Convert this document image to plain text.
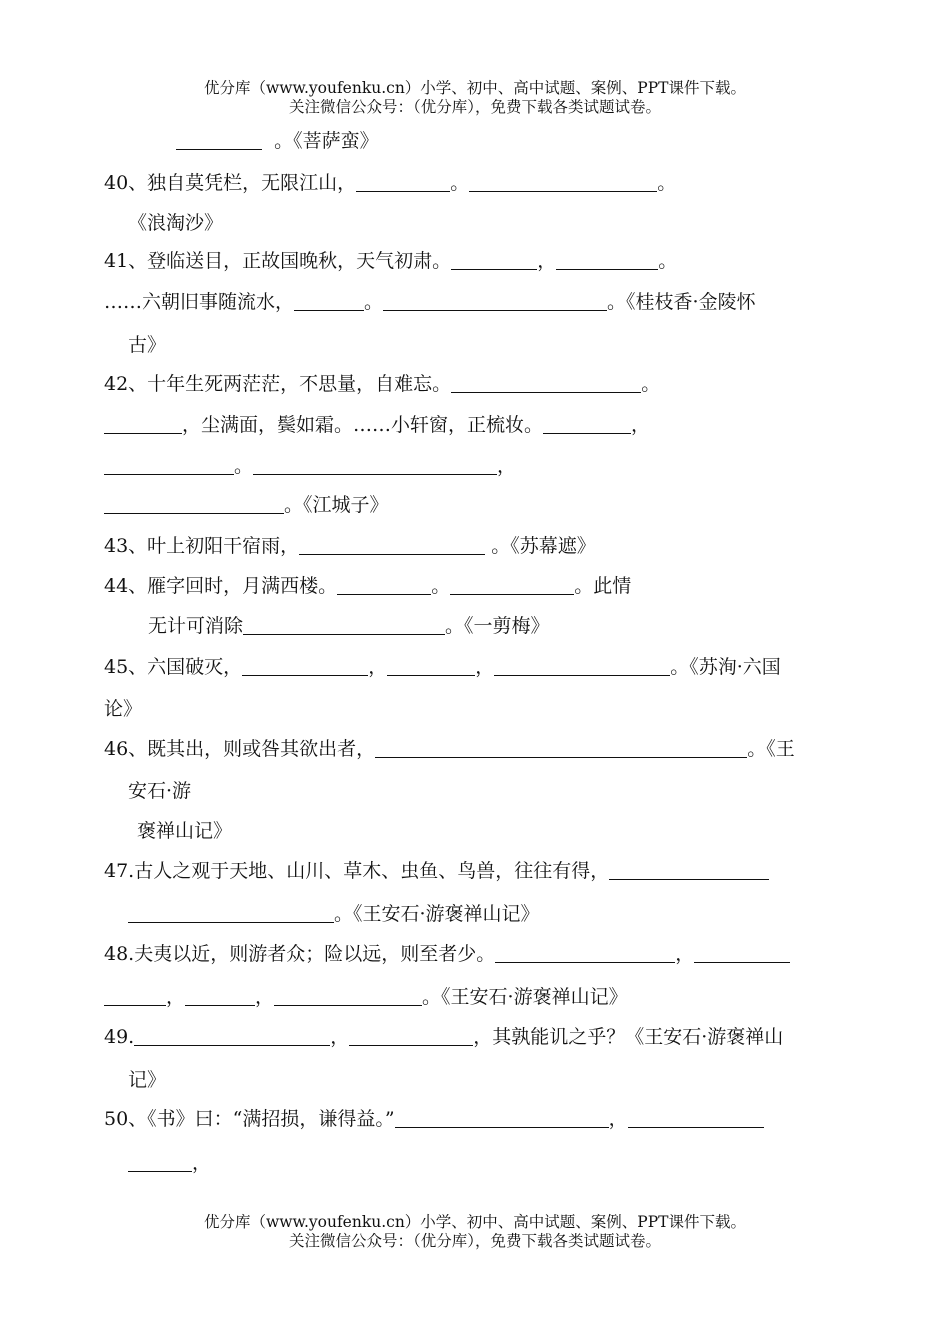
优分库（www.youfenku.cn）小学、初中、高中试题、案例、PPT课件下载。
关注微信公众号：（优分库），免费下载各类试题试卷。
。《菩萨蛮》
40、独自莫凭栏，无限江山，	。	。
《浪淘沙》
41、登临送目，正故国晚秋，天气初肃。	，	。
……六朝旧事随流水，	。	。《桂枝香·金陵怀
古》
42、十年生死两茫茫，不思量，自难忘。	。
，尘满面，鬓如霜。……小轩窗，正梳妆。	，
。	，
。《江城子》
43、叶上初阳干宿雨，	。《苏幕遮》
44、雁字回时，月满西楼。	。	。此情
无计可消除	。《一剪梅》
45、六国破灭，	，	，	。《苏洵·六国
论》
46、既其出，则或咎其欲出者，	。《王
安石·游
褒禅山记》
47.古人之观于天地、山川、草木、虫鱼、鸟兽，往往有得，
。《王安石·游褒禅山记》
48.夫夷以近，则游者众；险以远，则至者少。	，
，	，	。《王安石·游褒禅山记》
49.	，	，其孰能讥之乎？《王安石·游褒禅山
记》
50、《书》曰：“满招损，谦得益。”	，
，
优分库（www.youfenku.cn）小学、初中、高中试题、案例、PPT课件下载。
关注微信公众号：（优分库），免费下载各类试题试卷。
